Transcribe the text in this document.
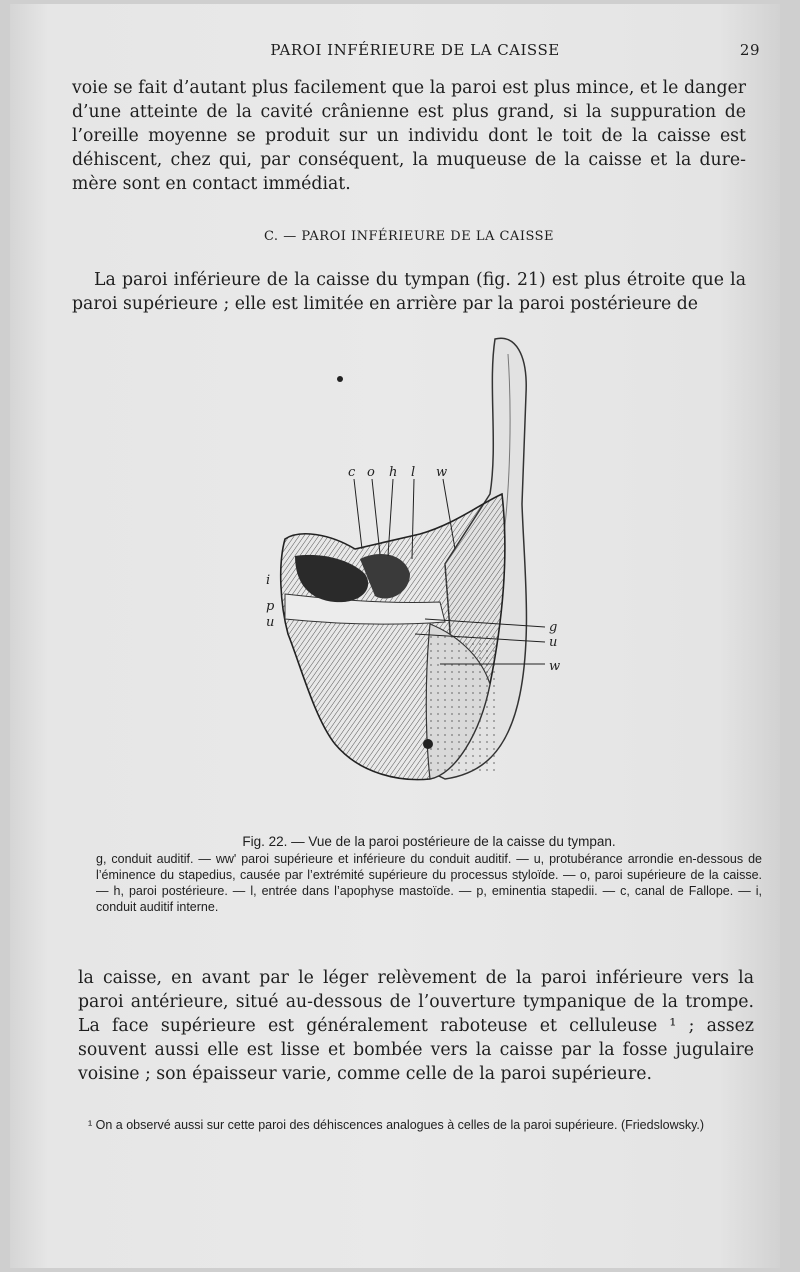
PAROI INFÉRIEURE DE LA CAISSE	29

voie se fait d’autant plus facilement que la paroi est plus mince, et le danger d’une atteinte de la cavité crânienne est plus grand, si la suppuration de l’oreille moyenne se produit sur un individu dont le toit de la caisse est déhiscent, chez qui, par conséquent, la muqueuse de la caisse et la dure-mère sont en contact immédiat.

C. — PAROI INFÉRIEURE DE LA CAISSE

La paroi inférieure de la caisse du tympan (fig. 21) est plus étroite que la paroi supérieure ; elle est limitée en arrière par la paroi postérieure de

c o h l w
i
p
u	g
u
w
Fig. 22. — Vue de la paroi postérieure de la caisse du tympan.
g, conduit auditif. — ww' paroi supérieure et inférieure du conduit auditif. — u, protubérance arrondie en-dessous de l’éminence du stapedius, causée par l’extrémité supérieure du processus styloïde. — o, paroi supérieure de la caisse. — h, paroi postérieure. — l, entrée dans l’apophyse mastoïde. — p, eminentia stapedii. — c, canal de Fallope. — i, conduit auditif interne.

la caisse, en avant par le léger relèvement de la paroi inférieure vers la paroi antérieure, situé au-dessous de l’ouverture tympanique de la trompe. La face supérieure est généralement raboteuse et celluleuse ¹ ; assez souvent aussi elle est lisse et bombée vers la caisse par la fosse jugulaire voisine ; son épaisseur varie, comme celle de la paroi supérieure.

¹ On a observé aussi sur cette paroi des déhiscences analogues à celles de la paroi supérieure. (Friedslowsky.)
